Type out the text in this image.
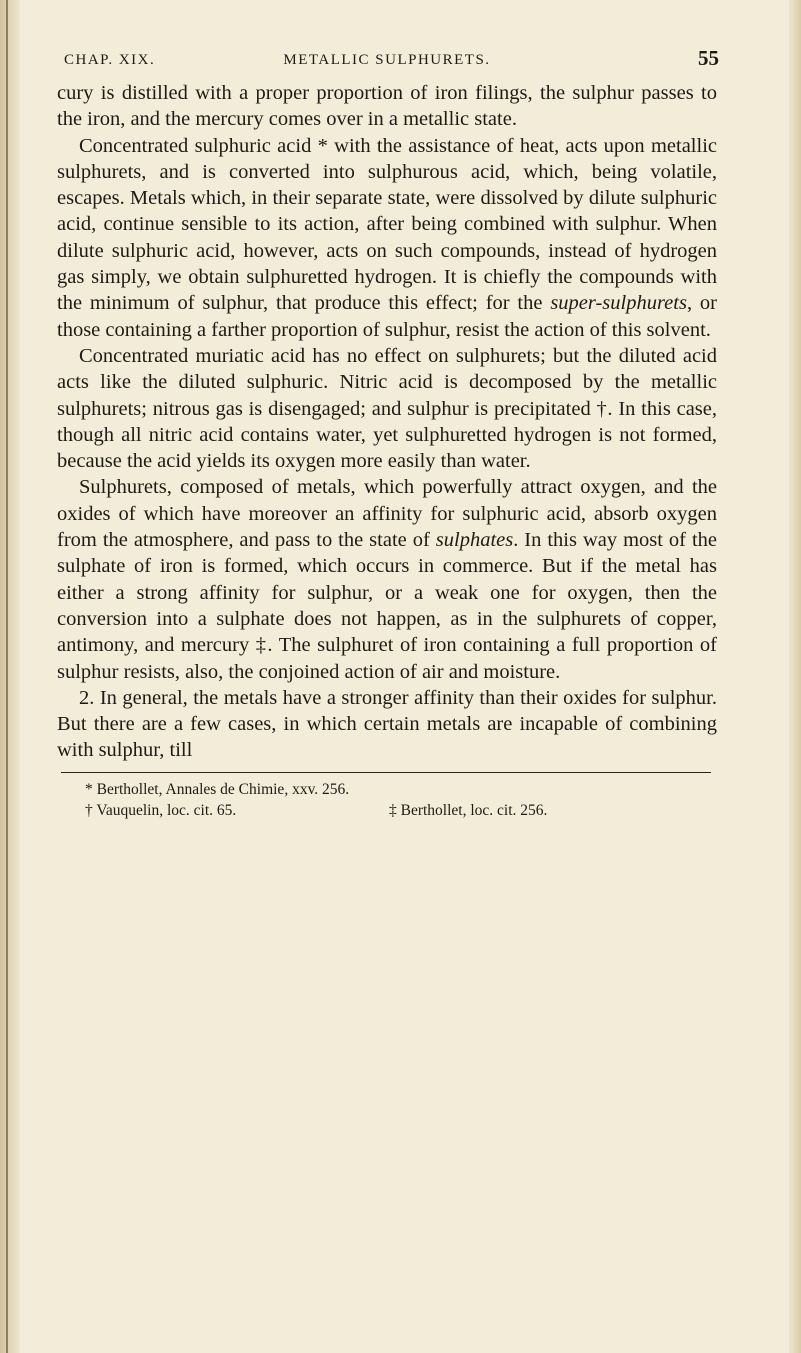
CHAP. XIX.	METALLIC SULPHURETS.	55

cury is distilled with a proper proportion of iron filings, the sulphur passes to the iron, and the mercury comes over in a metallic state.

Concentrated sulphuric acid * with the assistance of heat, acts upon metallic sulphurets, and is converted into sulphurous acid, which, being volatile, escapes. Metals which, in their separate state, were dissolved by dilute sulphuric acid, continue sensible to its action, after being combined with sulphur. When dilute sulphuric acid, however, acts on such compounds, instead of hydrogen gas simply, we obtain sulphuretted hydrogen. It is chiefly the compounds with the minimum of sulphur, that produce this effect; for the super-sulphurets, or those containing a farther proportion of sulphur, resist the action of this solvent.

Concentrated muriatic acid has no effect on sulphurets; but the diluted acid acts like the diluted sulphuric. Nitric acid is decomposed by the metallic sulphurets; nitrous gas is disengaged; and sulphur is precipitated †. In this case, though all nitric acid contains water, yet sulphuretted hydrogen is not formed, because the acid yields its oxygen more easily than water.

Sulphurets, composed of metals, which powerfully attract oxygen, and the oxides of which have moreover an affinity for sulphuric acid, absorb oxygen from the atmosphere, and pass to the state of sulphates. In this way most of the sulphate of iron is formed, which occurs in commerce. But if the metal has either a strong affinity for sulphur, or a weak one for oxygen, then the conversion into a sulphate does not happen, as in the sulphurets of copper, antimony, and mercury ‡. The sulphuret of iron containing a full proportion of sulphur resists, also, the conjoined action of air and moisture.

2. In general, the metals have a stronger affinity than their oxides for sulphur. But there are a few cases, in which certain metals are incapable of combining with sulphur, till

* Berthollet, Annales de Chimie, xxv. 256.
† Vauquelin, loc. cit. 65.	‡ Berthollet, loc. cit. 256.
